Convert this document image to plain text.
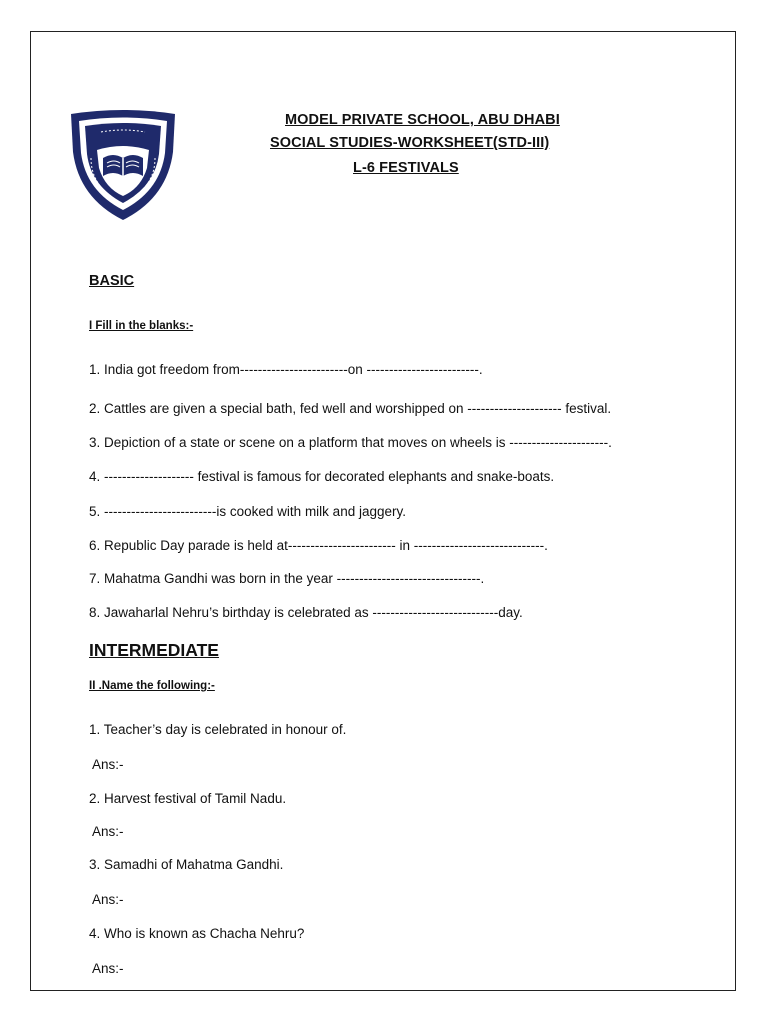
MODEL PRIVATE SCHOOL, ABU DHABI
SOCIAL STUDIES-WORKSHEET(STD-III)
L-6 FESTIVALS
BASIC
I Fill in the blanks:-
1. India got freedom from------------------------on -------------------------.
2. Cattles are given a special bath, fed well and worshipped on --------------------- festival.
3. Depiction of a state or scene on a platform that moves on wheels is ----------------------.
4. -------------------- festival is famous for decorated elephants and snake-boats.
5. -------------------------is cooked with milk and jaggery.
6. Republic Day parade is held at------------------------ in -----------------------------.
7. Mahatma Gandhi was born in the year --------------------------------.
8. Jawaharlal Nehru’s birthday is celebrated as ----------------------------day.
INTERMEDIATE
II .Name the following:-
1. Teacher’s day is celebrated in honour of.
Ans:-
2. Harvest festival of Tamil Nadu.
Ans:-
3. Samadhi of Mahatma Gandhi.
Ans:-
4. Who is known as Chacha Nehru?
Ans:-
